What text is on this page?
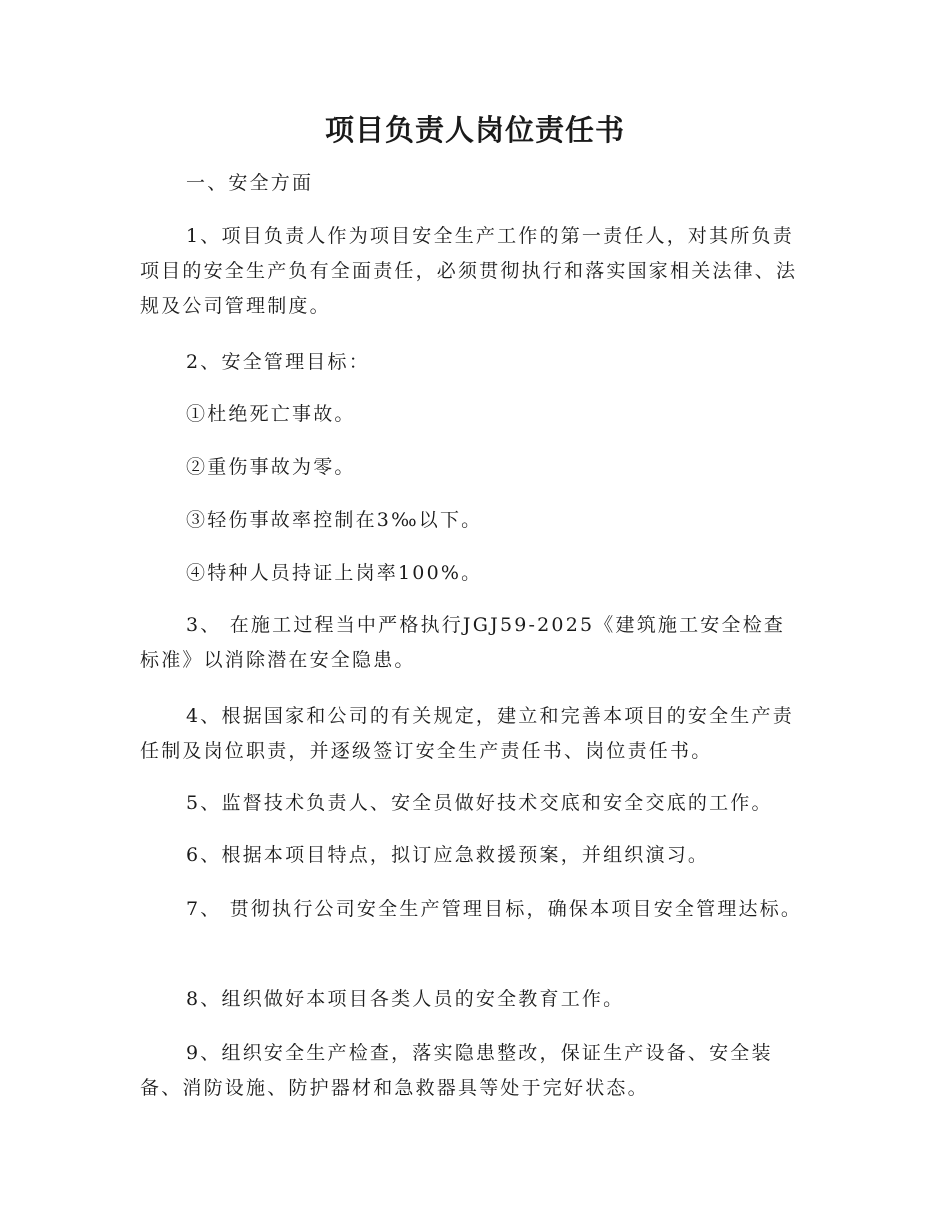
项目负责人岗位责任书

一、安全方面

1、项目负责人作为项目安全生产工作的第一责任人，对其所负责项目的安全生产负有全面责任，必须贯彻执行和落实国家相关法律、法规及公司管理制度。

2、安全管理目标：

①杜绝死亡事故。

②重伤事故为零。

③轻伤事故率控制在3‰以下。

④特种人员持证上岗率100%。

3、 在施工过程当中严格执行JGJ59-2025《建筑施工安全检查标准》以消除潜在安全隐患。

4、根据国家和公司的有关规定，建立和完善本项目的安全生产责任制及岗位职责，并逐级签订安全生产责任书、岗位责任书。

5、监督技术负责人、安全员做好技术交底和安全交底的工作。

6、根据本项目特点，拟订应急救援预案，并组织演习。

7、 贯彻执行公司安全生产管理目标，确保本项目安全管理达标。

8、组织做好本项目各类人员的安全教育工作。

9、组织安全生产检查，落实隐患整改，保证生产设备、安全装备、消防设施、防护器材和急救器具等处于完好状态。
